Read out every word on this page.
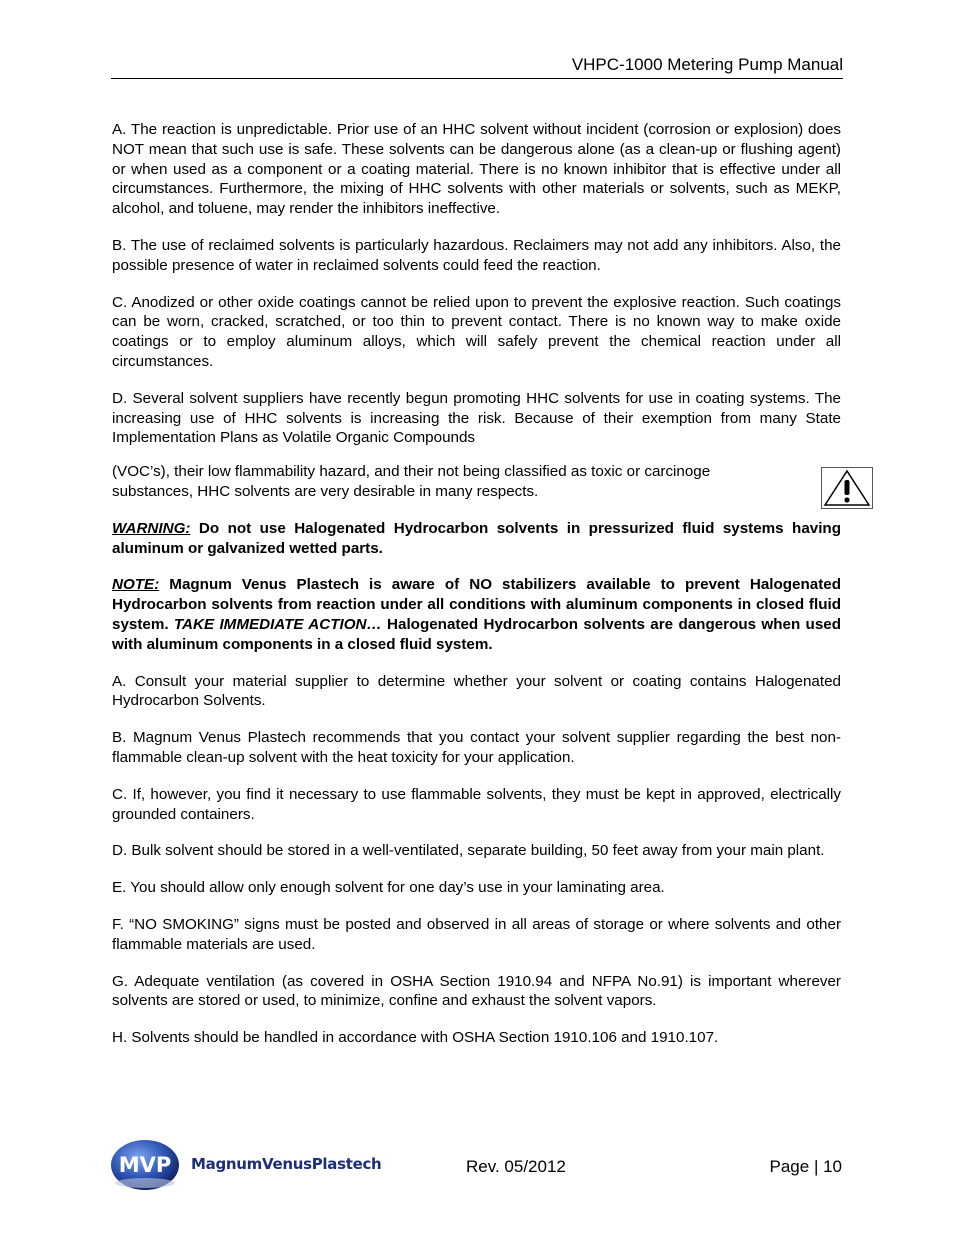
VHPC-1000 Metering Pump Manual

A. The reaction is unpredictable. Prior use of an HHC solvent without incident (corrosion or explosion) does NOT mean that such use is safe. These solvents can be dangerous alone (as a clean-up or flushing agent) or when used as a component or a coating material. There is no known inhibitor that is effective under all circumstances. Furthermore, the mixing of HHC solvents with other materials or solvents, such as MEKP, alcohol, and toluene, may render the inhibitors ineffective.

B. The use of reclaimed solvents is particularly hazardous. Reclaimers may not add any inhibitors. Also, the possible presence of water in reclaimed solvents could feed the reaction.

C. Anodized or other oxide coatings cannot be relied upon to prevent the explosive reaction. Such coatings can be worn, cracked, scratched, or too thin to prevent contact. There is no known way to make oxide coatings or to employ aluminum alloys, which will safely prevent the chemical reaction under all circumstances.

D. Several solvent suppliers have recently begun promoting HHC solvents for use in coating systems. The increasing use of HHC solvents is increasing the risk. Because of their exemption from many State Implementation Plans as Volatile Organic Compounds

(VOC’s), their low flammability hazard, and their not being classified as toxic or carcinoge
substances, HHC solvents are very desirable in many respects.

WARNING: Do not use Halogenated Hydrocarbon solvents in pressurized fluid systems having aluminum or galvanized wetted parts.

NOTE: Magnum Venus Plastech is aware of NO stabilizers available to prevent Halogenated Hydrocarbon solvents from reaction under all conditions with aluminum components in closed fluid system. TAKE IMMEDIATE ACTION… Halogenated Hydrocarbon solvents are dangerous when used with aluminum components in a closed fluid system.

A. Consult your material supplier to determine whether your solvent or coating contains Halogenated Hydrocarbon Solvents.

B. Magnum Venus Plastech recommends that you contact your solvent supplier regarding the best non-flammable clean-up solvent with the heat toxicity for your application.

C. If, however, you find it necessary to use flammable solvents, they must be kept in approved, electrically grounded containers.

D. Bulk solvent should be stored in a well-ventilated, separate building, 50 feet away from your main plant.

E. You should allow only enough solvent for one day’s use in your laminating area.

F. “NO SMOKING” signs must be posted and observed in all areas of storage or where solvents and other flammable materials are used.

G. Adequate ventilation (as covered in OSHA Section 1910.94 and NFPA No.91) is important wherever solvents are stored or used, to minimize, confine and exhaust the solvent vapors.

H. Solvents should be handled in accordance with OSHA Section 1910.106 and 1910.107.

MVP MagnumVenusPlastech	Rev. 05/2012	Page | 10
